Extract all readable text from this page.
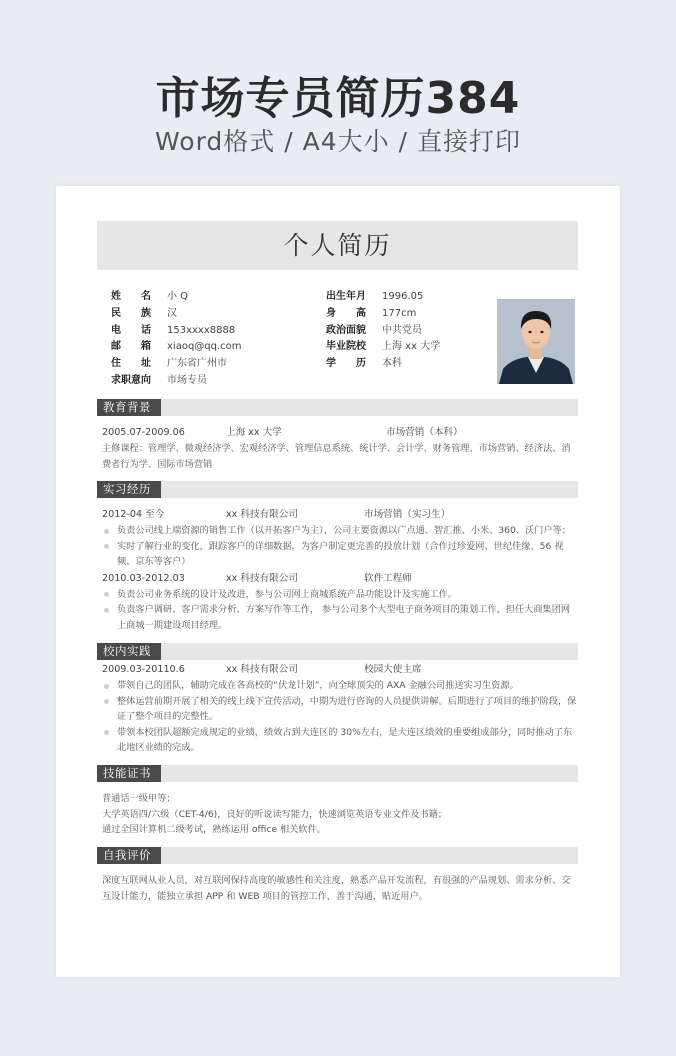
市场专员简历384
Word格式 / A4大小 / 直接打印
个人简历
姓名	小 Q
民族	汉
电话	153xxxx8888
邮箱	xiaoq@qq.com
住址	广东省广州市
求职意向	市场专员
出生年月	1996.05
身高	177cm
政治面貌	中共党员
毕业院校	上海 xx 大学
学历	本科
教育背景
2005.07-2009.06	上海 xx 大学	市场营销（本科）
主修课程：管理学、微观经济学、宏观经济学、管理信息系统、统计学、会计学、财务管理、市场营销、经济法、消费者行为学、国际市场营销
实习经历
2012-04 至今	xx 科技有限公司	市场营销（实习生）
负责公司线上端资源的销售工作（以开拓客户为主），公司主要资源以广点通、智汇推、小米、360、沃门户等；
实时了解行业的变化，跟踪客户的详细数据，为客户制定更完善的投放计划（合作过珍爱网、世纪佳缘、56 视频、京东等客户）
2010.03-2012.03	xx 科技有限公司	软件工程师
负责公司业务系统的设计及改进，参与公司网上商城系统产品功能设计及实施工作。
负责客户调研、客户需求分析、方案写作等工作， 参与公司多个大型电子商务项目的策划工作，担任大商集团网上商城一期建设项目经理。
校内实践
2009.03-20110.6	xx 科技有限公司	校园大使主席
带领自己的团队，辅助完成在各高校的“伏龙计划”，向全球顶尖的 AXA 金融公司推送实习生资源。
整体运营前期开展了相关的线上线下宣传活动，中期为进行咨询的人员提供讲解。后期进行了项目的维护阶段，保证了整个项目的完整性。
带领本校团队超额完成规定的业绩，绩效占到大连区的 30%左右，是大连区绩效的重要组成部分，同时推动了东北地区业绩的完成。
技能证书
普通话一级甲等；
大学英语四/六级（CET-4/6)，良好的听说读写能力，快速浏览英语专业文件及书籍；
通过全国计算机二级考试，熟练运用 office 相关软件。
自我评价
深度互联网从业人员，对互联网保持高度的敏感性和关注度，熟悉产品开发流程，有很强的产品规划、需求分析、交互设计能力，能独立承担 APP 和 WEB 项目的管控工作，善于沟通，贴近用户。
